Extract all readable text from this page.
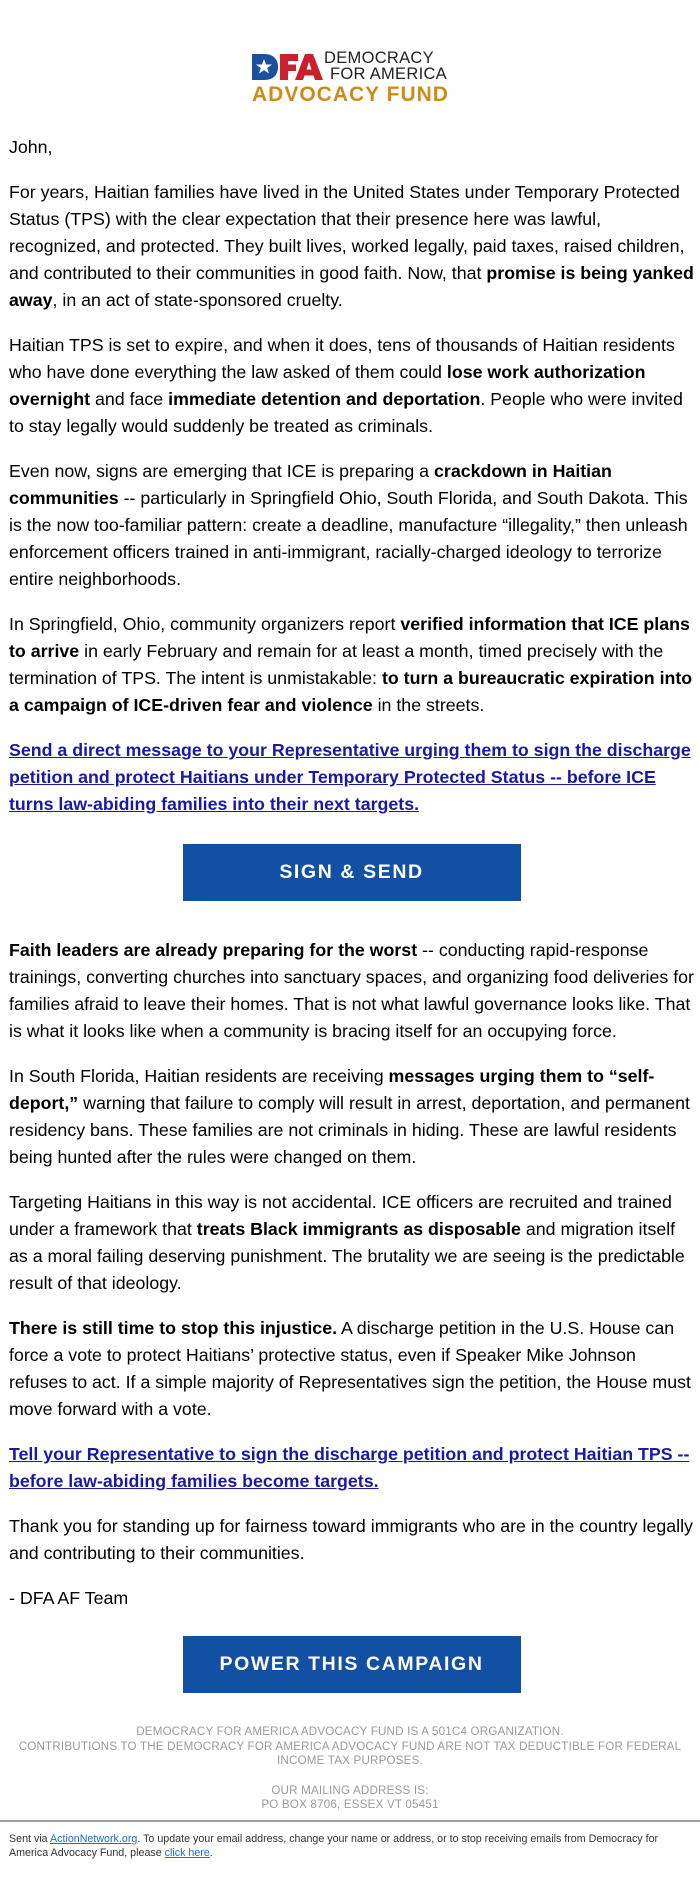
DEMOCRACY
FOR AMERICA
ADVOCACY FUND

John,

For years, Haitian families have lived in the United States under Temporary Protected Status (TPS) with the clear expectation that their presence here was lawful, recognized, and protected. They built lives, worked legally, paid taxes, raised children, and contributed to their communities in good faith. Now, that promise is being yanked away, in an act of state-sponsored cruelty.

Haitian TPS is set to expire, and when it does, tens of thousands of Haitian residents who have done everything the law asked of them could lose work authorization overnight and face immediate detention and deportation. People who were invited to stay legally would suddenly be treated as criminals.

Even now, signs are emerging that ICE is preparing a crackdown in Haitian communities -- particularly in Springfield Ohio, South Florida, and South Dakota. This is the now too-familiar pattern: create a deadline, manufacture “illegality,” then unleash enforcement officers trained in anti-immigrant, racially-charged ideology to terrorize entire neighborhoods.

In Springfield, Ohio, community organizers report verified information that ICE plans to arrive in early February and remain for at least a month, timed precisely with the termination of TPS. The intent is unmistakable: to turn a bureaucratic expiration into a campaign of ICE-driven fear and violence in the streets.

Send a direct message to your Representative urging them to sign the discharge petition and protect Haitians under Temporary Protected Status -- before ICE turns law-abiding families into their next targets.

SIGN & SEND

Faith leaders are already preparing for the worst -- conducting rapid-response trainings, converting churches into sanctuary spaces, and organizing food deliveries for families afraid to leave their homes. That is not what lawful governance looks like. That is what it looks like when a community is bracing itself for an occupying force.

In South Florida, Haitian residents are receiving messages urging them to “self-deport,” warning that failure to comply will result in arrest, deportation, and permanent residency bans. These families are not criminals in hiding. These are lawful residents being hunted after the rules were changed on them.

Targeting Haitians in this way is not accidental. ICE officers are recruited and trained under a framework that treats Black immigrants as disposable and migration itself as a moral failing deserving punishment. The brutality we are seeing is the predictable result of that ideology.

There is still time to stop this injustice. A discharge petition in the U.S. House can force a vote to protect Haitians’ protective status, even if Speaker Mike Johnson refuses to act. If a simple majority of Representatives sign the petition, the House must move forward with a vote.

Tell your Representative to sign the discharge petition and protect Haitian TPS -- before law-abiding families become targets.

Thank you for standing up for fairness toward immigrants who are in the country legally and contributing to their communities.

- DFA AF Team

POWER THIS CAMPAIGN
DEMOCRACY FOR AMERICA ADVOCACY FUND IS A 501C4 ORGANIZATION.
CONTRIBUTIONS TO THE DEMOCRACY FOR AMERICA ADVOCACY FUND ARE NOT TAX DEDUCTIBLE FOR FEDERAL INCOME TAX PURPOSES.
OUR MAILING ADDRESS IS:
PO BOX 8706, ESSEX VT 05451
Sent via ActionNetwork.org. To update your email address, change your name or address, or to stop receiving emails from Democracy for America Advocacy Fund, please click here.
